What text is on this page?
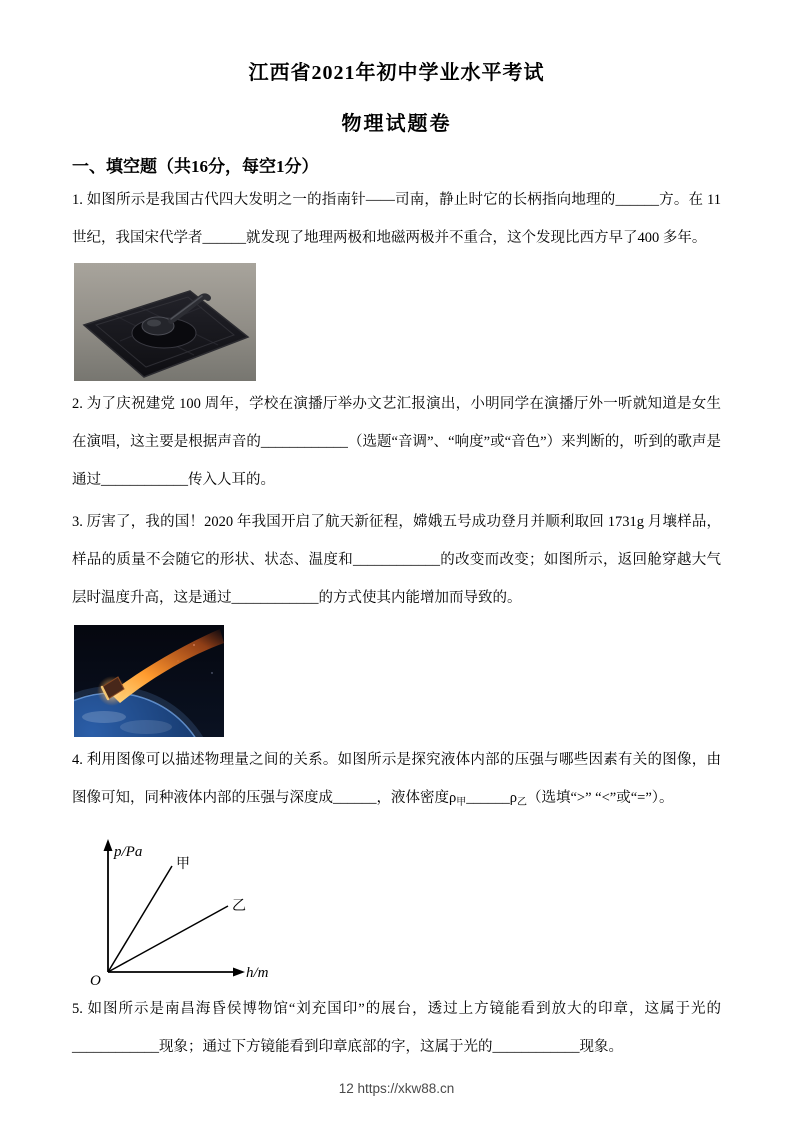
江西省2021年初中学业水平考试
物理试题卷
一、填空题（共16分，每空1分）

1. 如图所示是我国古代四大发明之一的指南针——司南，静止时它的长柄指向地理的______方。在 11 世纪，我国宋代学者______就发现了地理两极和地磁两极并不重合，这个发现比西方早了400 多年。

2. 为了庆祝建党 100 周年，学校在演播厅举办文艺汇报演出，小明同学在演播厅外一听就知道是女生在演唱，这主要是根据声音的____________（选题“音调”、“响度”或“音色”）来判断的，听到的歌声是通过____________传入人耳的。

3. 厉害了，我的国！2020 年我国开启了航天新征程，嫦娥五号成功登月并顺利取回 1731g 月壤样品，样品的质量不会随它的形状、状态、温度和____________的改变而改变；如图所示，返回舱穿越大气层时温度升高，这是通过____________的方式使其内能增加而导致的。

4. 利用图像可以描述物理量之间的关系。如图所示是探究液体内部的压强与哪些因素有关的图像，由图像可知，同种液体内部的压强与深度成______，液体密度$\rho_甲\_\_\_\_\_\_\rho_乙$（选填“>” “<”或“=”）。

p/Pa
h/m
O
甲
乙

5. 如图所示是南昌海昏侯博物馆“刘充国印”的展台，透过上方镜能看到放大的印章，这属于光的____________现象；通过下方镜能看到印章底部的字，这属于光的____________现象。

12 https://xkw88.cn
